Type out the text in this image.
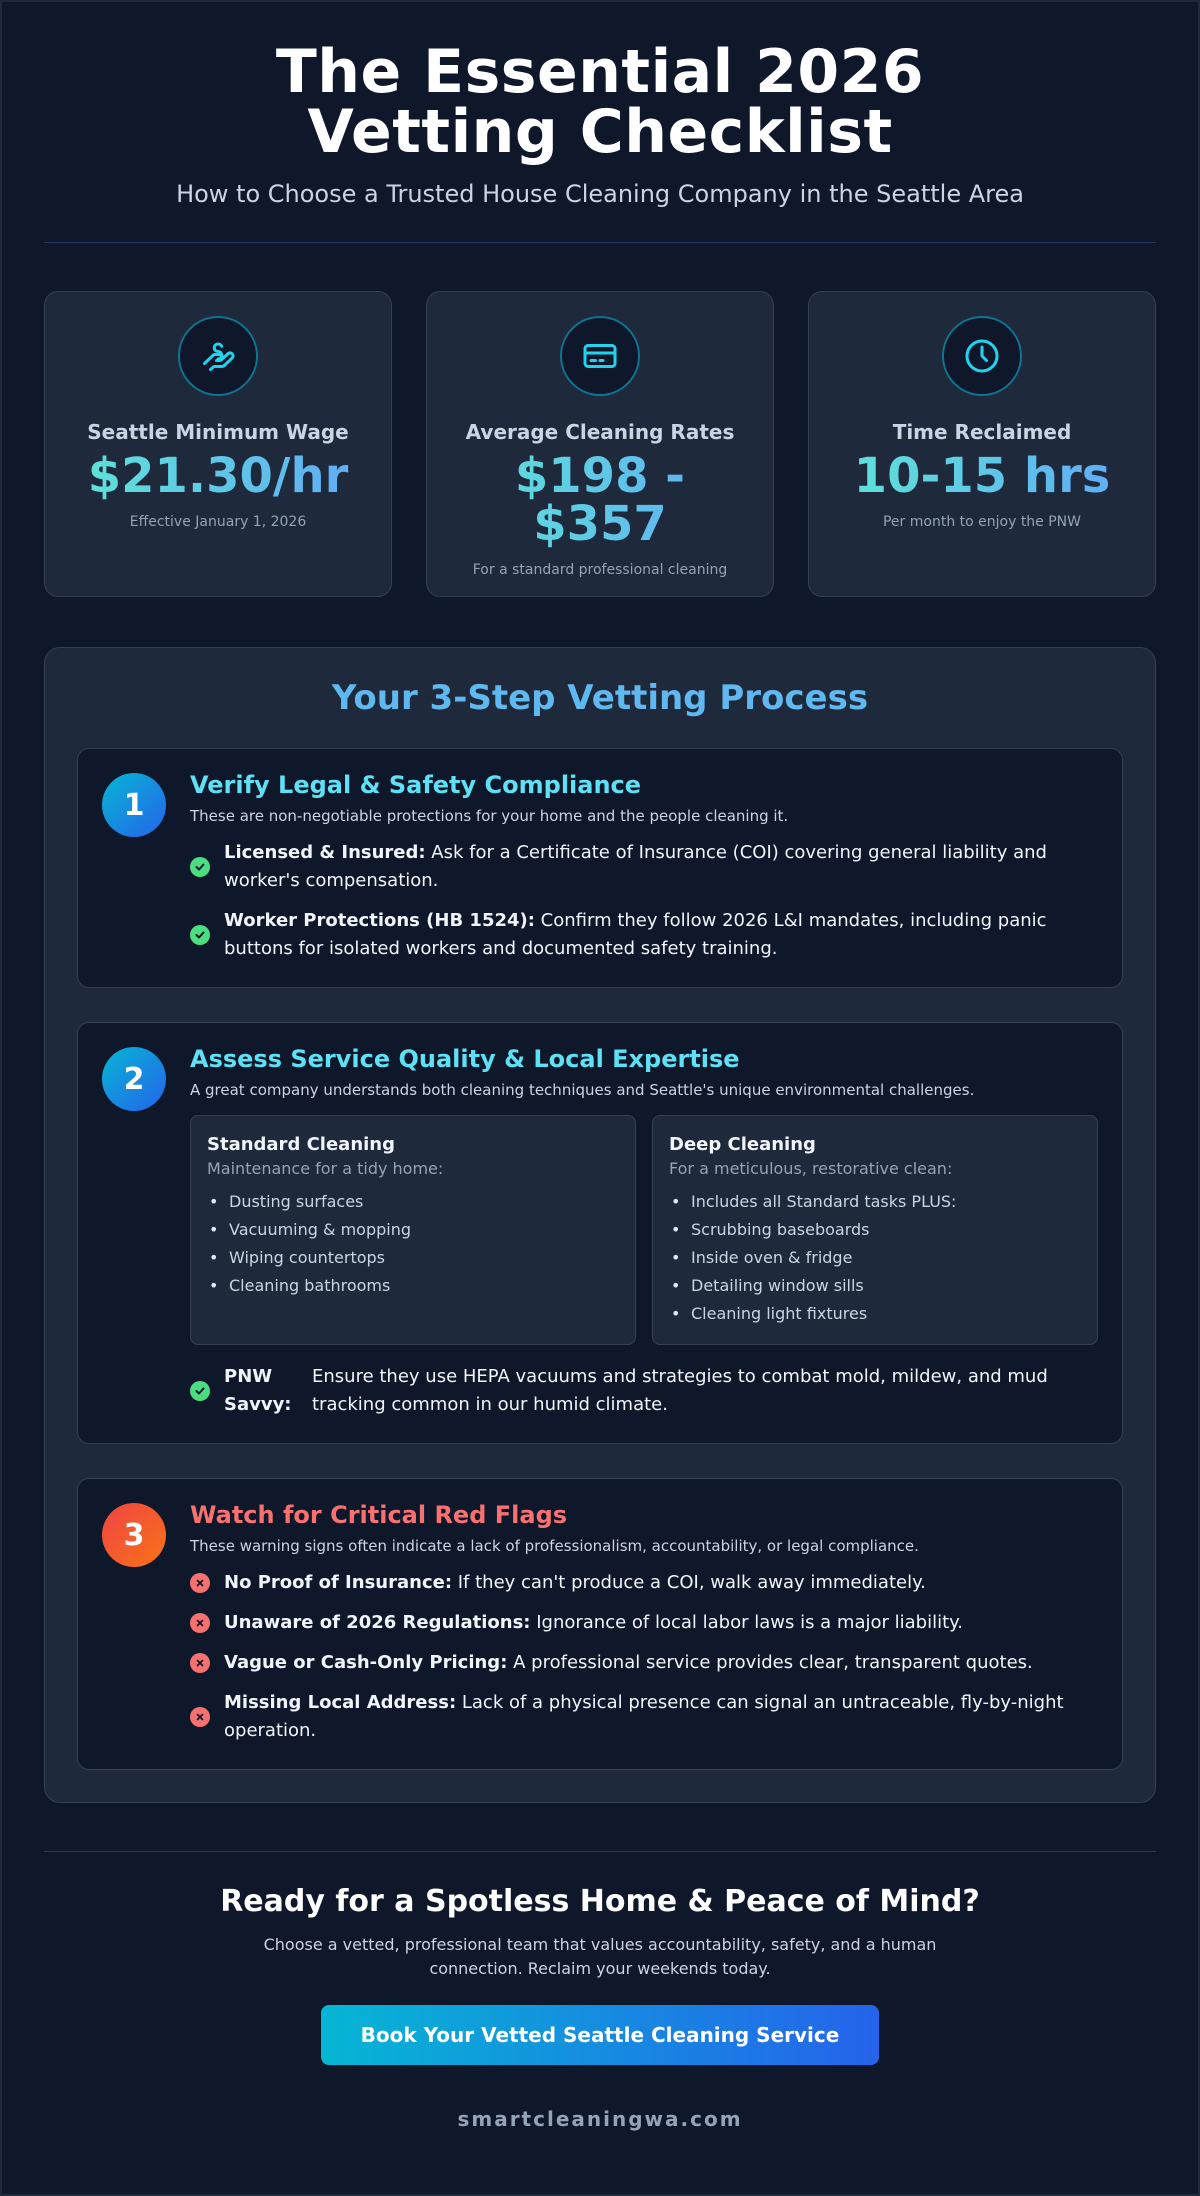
The Essential 2026 Vetting Checklist
How to Choose a Trusted House Cleaning Company in the Seattle Area
Seattle Minimum Wage
$21.30/hr
Effective January 1, 2026
Average Cleaning Rates
$198 - $357
For a standard professional cleaning
Time Reclaimed
10-15 hrs
Per month to enjoy the PNW
Your 3-Step Vetting Process
1
Verify Legal & Safety Compliance
These are non-negotiable protections for your home and the people cleaning it.
Licensed & Insured: Ask for a Certificate of Insurance (COI) covering general liability and worker's compensation.
Worker Protections (HB 1524): Confirm they follow 2026 L&I mandates, including panic buttons for isolated workers and documented safety training.
2
Assess Service Quality & Local Expertise
A great company understands both cleaning techniques and Seattle's unique environmental challenges.
Standard Cleaning
Maintenance for a tidy home:
• Dusting surfaces
• Vacuuming & mopping
• Wiping countertops
• Cleaning bathrooms
Deep Cleaning
For a meticulous, restorative clean:
• Includes all Standard tasks PLUS:
• Scrubbing baseboards
• Inside oven & fridge
• Detailing window sills
• Cleaning light fixtures
PNW Savvy:
Ensure they use HEPA vacuums and strategies to combat mold, mildew, and mud tracking common in our humid climate.
3
Watch for Critical Red Flags
These warning signs often indicate a lack of professionalism, accountability, or legal compliance.
No Proof of Insurance: If they can't produce a COI, walk away immediately.
Unaware of 2026 Regulations: Ignorance of local labor laws is a major liability.
Vague or Cash-Only Pricing: A professional service provides clear, transparent quotes.
Missing Local Address: Lack of a physical presence can signal an untraceable, fly-by-night operation.
Ready for a Spotless Home & Peace of Mind?

Choose a vetted, professional team that values accountability, safety, and a human connection. Reclaim your weekends today.

Book Your Vetted Seattle Cleaning Service
smartcleaningwa.com
